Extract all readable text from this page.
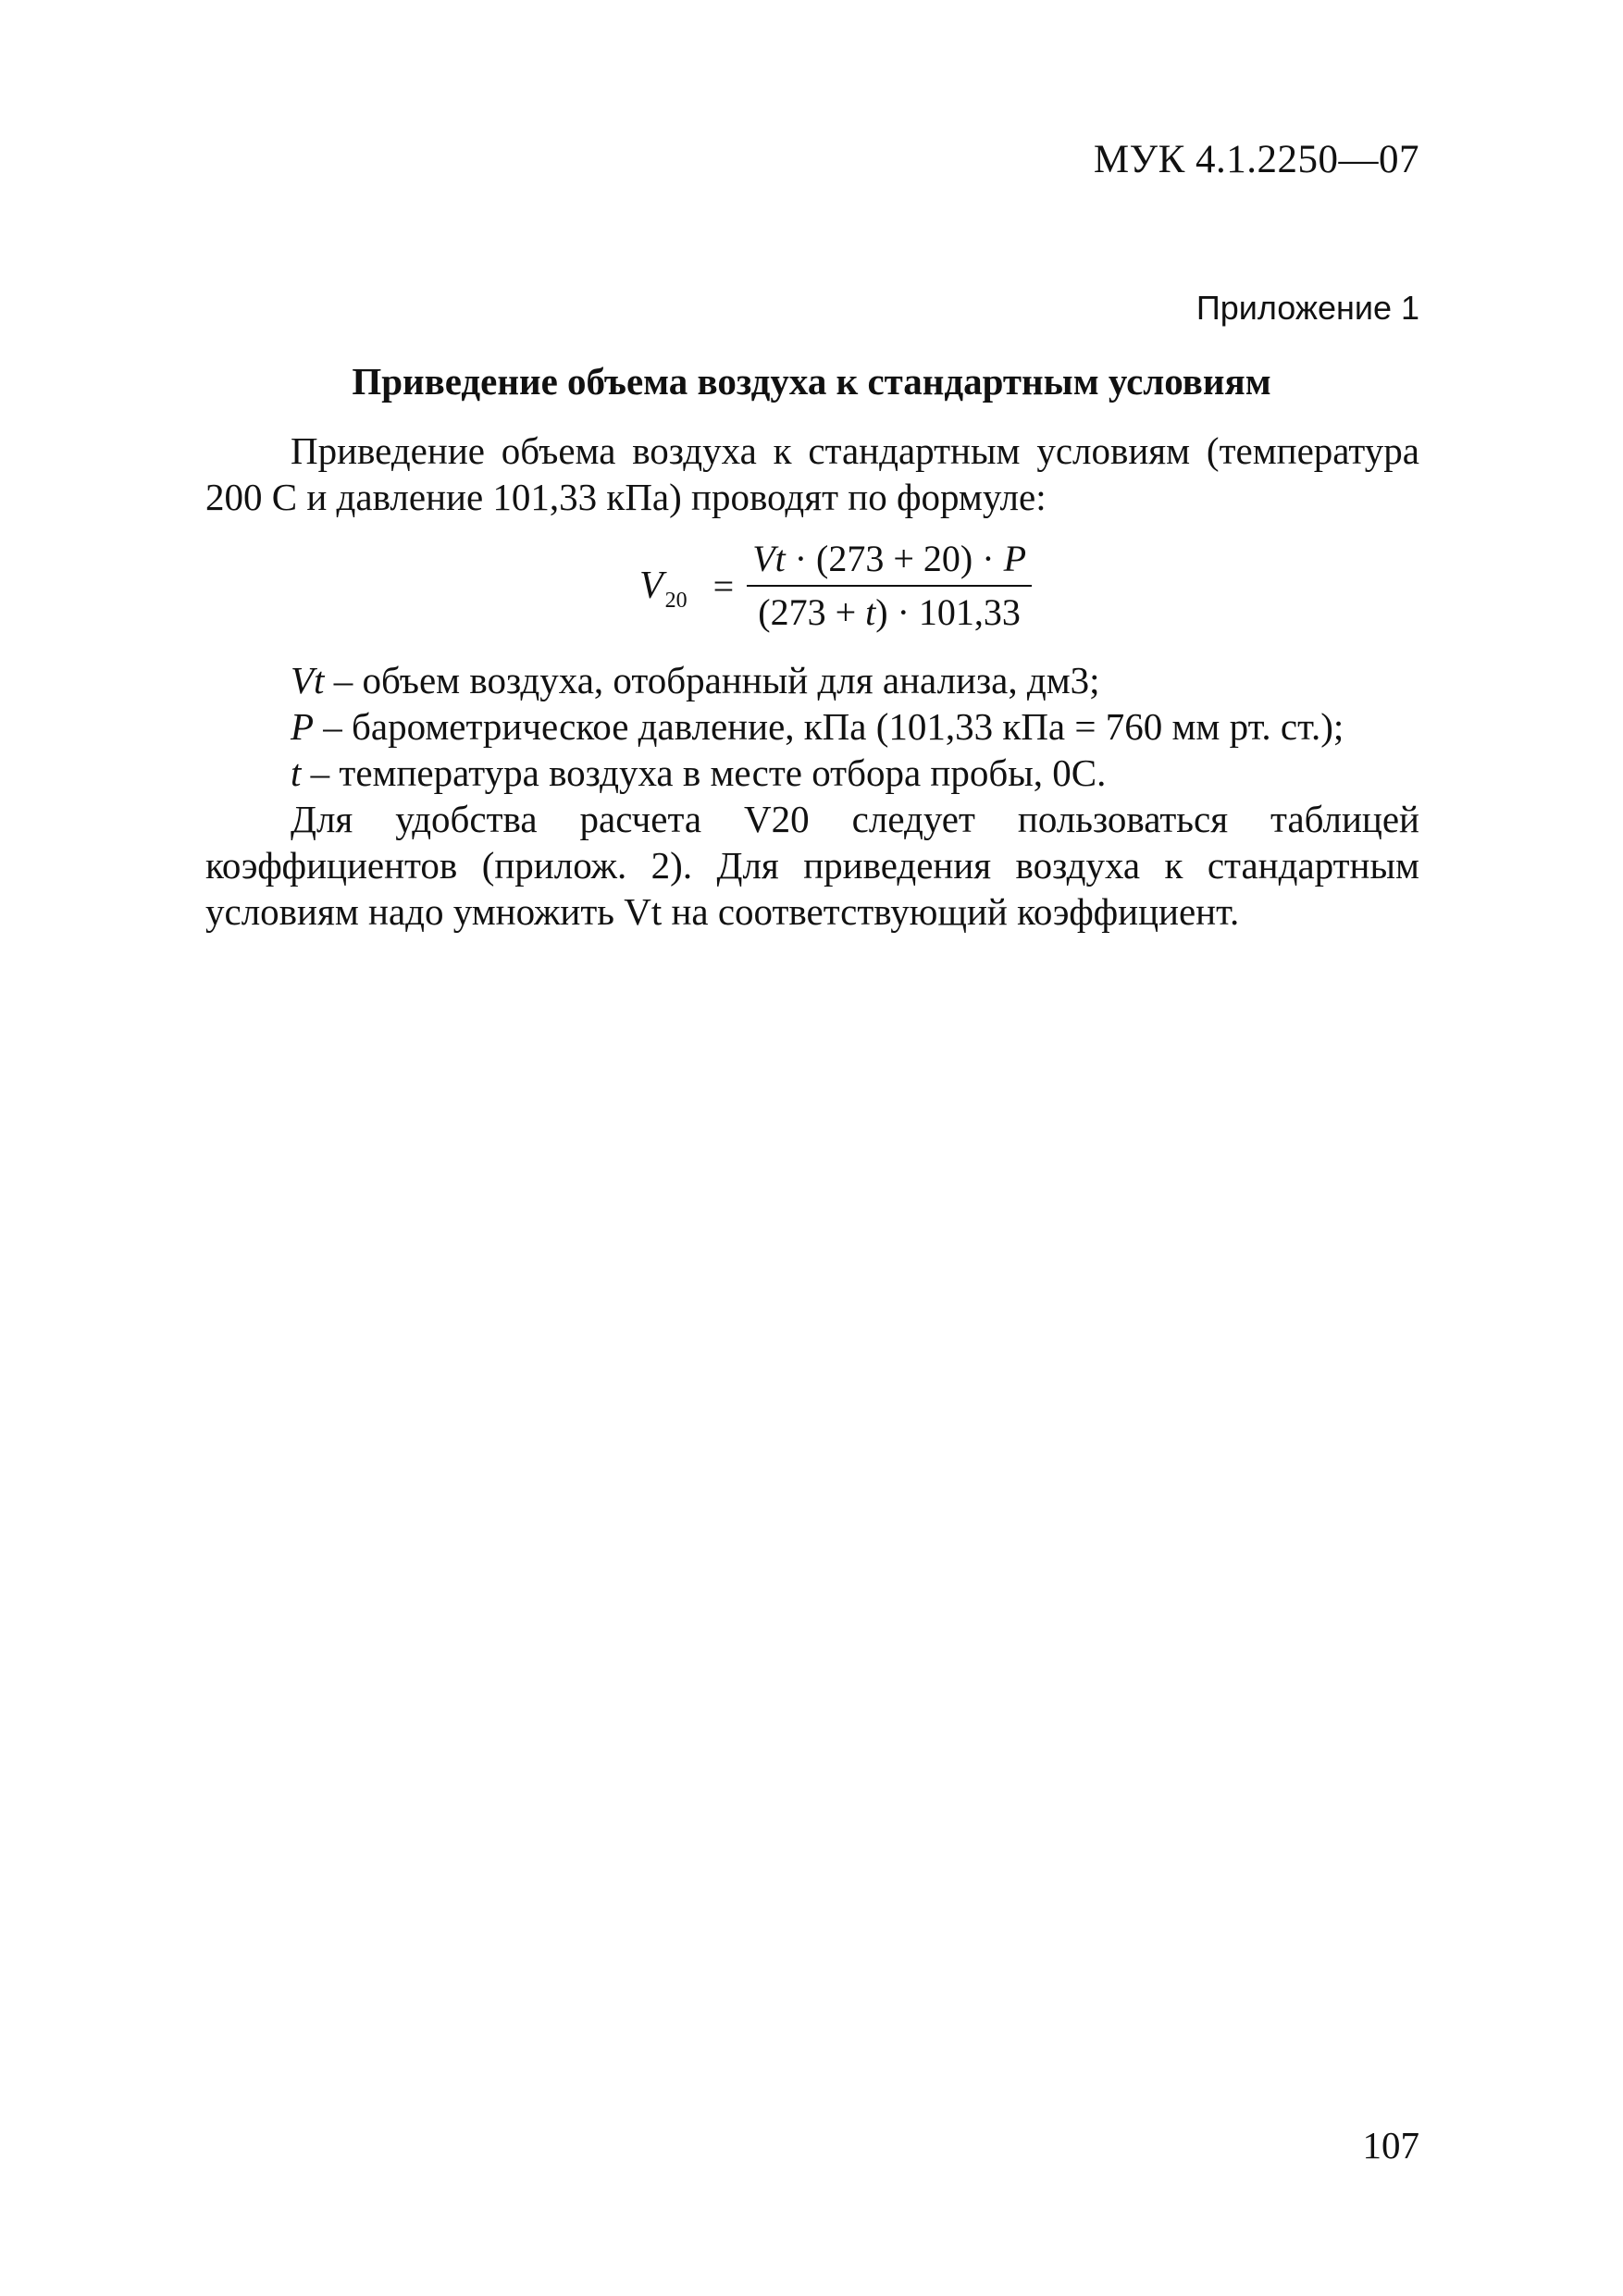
МУК 4.1.2250—07
Приложение 1
Приведение объема воздуха к стандартным условиям

Приведение объема воздуха к стандартным условиям (температура 200 С и давление 101,33 кПа) проводят по формуле:

V $20 = \frac{Vt \cdot (273 + 20) \cdot P}{(273 + t) \cdot 101,33}$

Vt – объем воздуха, отобранный для анализа, дм3;

P – барометрическое давление, кПа (101,33 кПа = 760 мм рт. ст.);

t – температура воздуха в месте отбора пробы, 0С.

Для удобства расчета V20 следует пользоваться таблицей коэффициентов (прилож. 2). Для приведения воздуха к стандартным условиям надо умножить Vt на соответствующий коэффициент.

107
